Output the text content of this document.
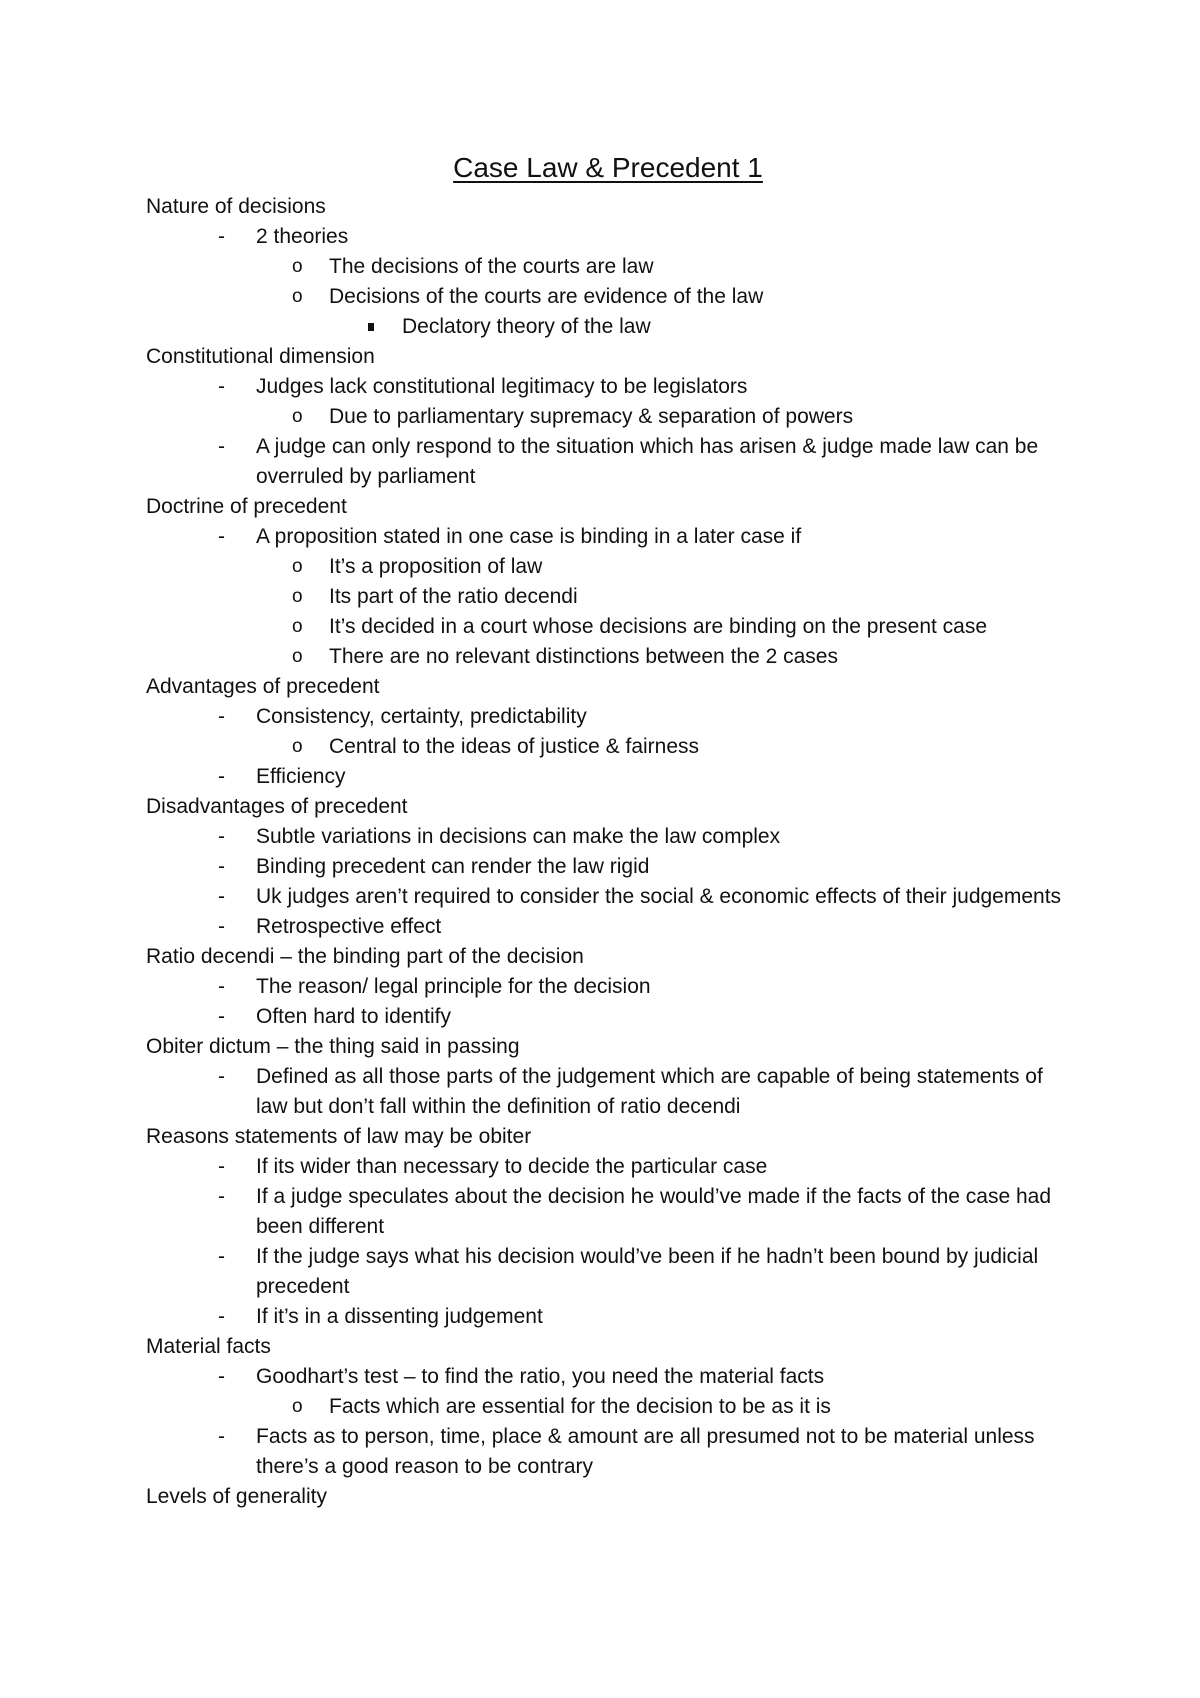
Case Law & Precedent 1
Nature of decisions
- 2 theories
o The decisions of the courts are law
o Decisions of the courts are evidence of the law
Declatory theory of the law
Constitutional dimension
- Judges lack constitutional legitimacy to be legislators
o Due to parliamentary supremacy & separation of powers
- A judge can only respond to the situation which has arisen & judge made law can be overruled by parliament
Doctrine of precedent
- A proposition stated in one case is binding in a later case if
o It’s a proposition of law
o Its part of the ratio decendi
o It’s decided in a court whose decisions are binding on the present case
o There are no relevant distinctions between the 2 cases
Advantages of precedent
- Consistency, certainty, predictability
o Central to the ideas of justice & fairness
- Efficiency
Disadvantages of precedent
- Subtle variations in decisions can make the law complex
- Binding precedent can render the law rigid
- Uk judges aren’t required to consider the social & economic effects of their judgements
- Retrospective effect
Ratio decendi – the binding part of the decision
- The reason/ legal principle for the decision
- Often hard to identify
Obiter dictum – the thing said in passing
- Defined as all those parts of the judgement which are capable of being statements of law but don’t fall within the definition of ratio decendi
Reasons statements of law may be obiter
- If its wider than necessary to decide the particular case
- If a judge speculates about the decision he would’ve made if the facts of the case had been different
- If the judge says what his decision would’ve been if he hadn’t been bound by judicial precedent
- If it’s in a dissenting judgement
Material facts
- Goodhart’s test – to find the ratio, you need the material facts
o Facts which are essential for the decision to be as it is
- Facts as to person, time, place & amount are all presumed not to be material unless there’s a good reason to be contrary
Levels of generality
